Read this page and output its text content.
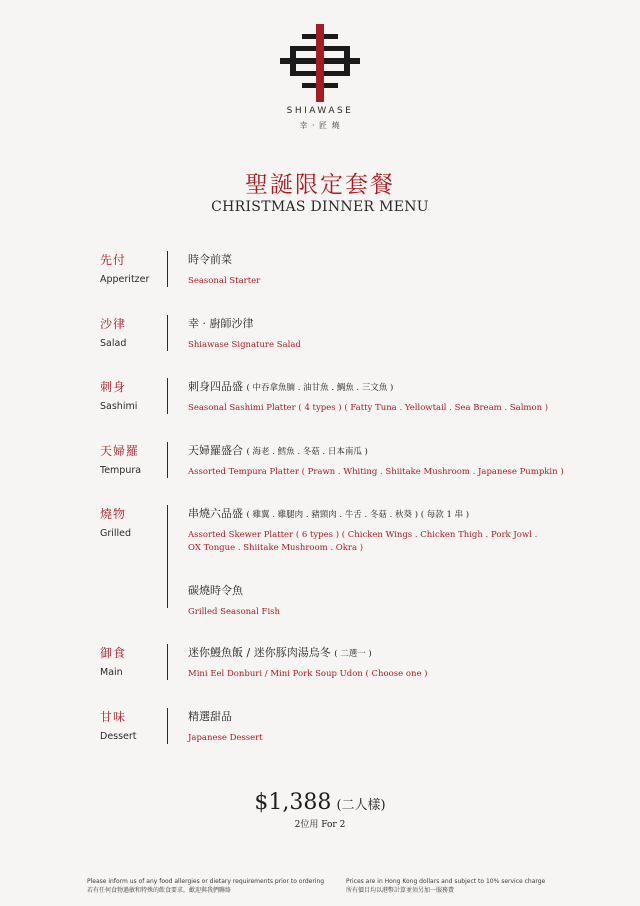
SHIAWASE
幸 · 匠 燒
聖誕限定套餐
CHRISTMAS DINNER MENU
先付
Apperitzer
時令前菜
Seasonal Starter
沙律
Salad
幸 · 廚師沙律
Shiawase Signature Salad
刺身
Sashimi
刺身四品盛 ( 中吞拿魚腩 . 油甘魚 . 鯛魚 . 三文魚 )
Seasonal Sashimi Platter ( 4 types ) ( Fatty Tuna . Yellowtail . Sea Bream . Salmon )
天婦羅
Tempura
天婦羅盛合 ( 海老 . 鱈魚 . 冬菇 . 日本南瓜 )
Assorted Tempura Platter ( Prawn . Whiting . Shiitake Mushroom . Japanese Pumpkin )
燒物
Grilled
串燒六品盛 ( 雞翼 . 雞腿肉 . 豬頸肉 . 牛舌 . 冬菇 . 秋葵 ) ( 每款 1 串 )
Assorted Skewer Platter ( 6 types ) ( Chicken Wings . Chicken Thigh . Pork Jowl .
OX Tongue . Shiitake Mushroom . Okra )
碳燒時令魚
Grilled Seasonal Fish
御食
Main
迷你鰻魚飯 / 迷你豚肉湯烏冬 ( 二選一 )
Mini Eel Donburi / Mini Pork Soup Udon ( Choose one )
甘味
Dessert
精選甜品
Japanese Dessert
$1,388 (二人樣)
2位用 For 2
Please inform us of any food allergies or dietary requirements prior to ordering
若有任何食物過敏和特殊的飲食要求，歡迎與我們聯絡
Prices are in Hong Kong dollars and subject to 10% service charge
所有價目均以港幣計算並須另加一服務費
